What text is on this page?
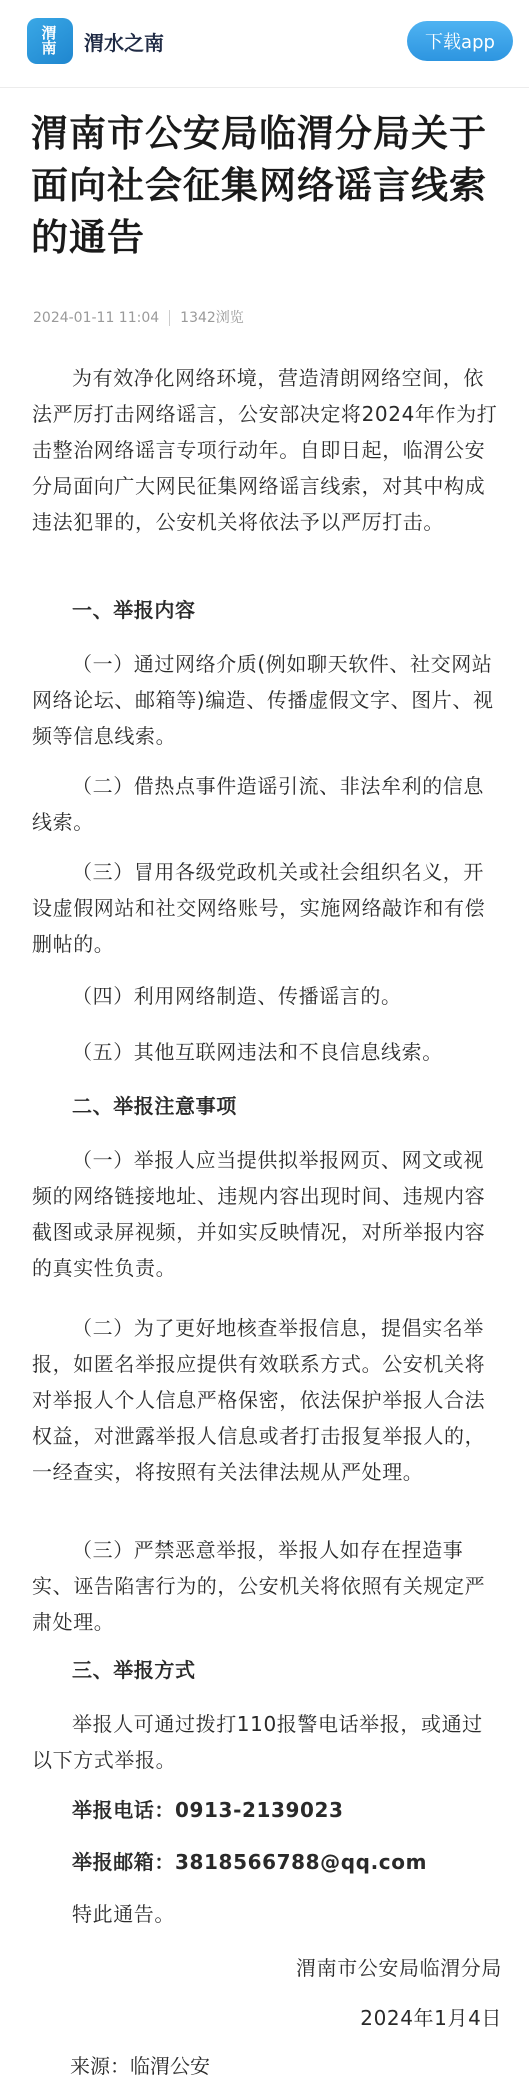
渭
南 渭水之南	下载app
渭南市公安局临渭分局关于面向社会征集网络谣言线索的通告
2024-01-11 11:04 1342浏览

为有效净化网络环境，营造清朗网络空间，依法严厉打击网络谣言，公安部决定将2024年作为打击整治网络谣言专项行动年。自即日起，临渭公安分局面向广大网民征集网络谣言线索，对其中构成违法犯罪的，公安机关将依法予以严厉打击。

一、举报内容

（一）通过网络介质(例如聊天软件、社交网站网络论坛、邮箱等)编造、传播虚假文字、图片、视频等信息线索。

（二）借热点事件造谣引流、非法牟利的信息线索。

（三）冒用各级党政机关或社会组织名义，开设虚假网站和社交网络账号，实施网络敲诈和有偿删帖的。

（四）利用网络制造、传播谣言的。

（五）其他互联网违法和不良信息线索。

二、举报注意事项

（一）举报人应当提供拟举报网页、网文或视频的网络链接地址、违规内容出现时间、违规内容截图或录屏视频，并如实反映情况，对所举报内容的真实性负责。

（二）为了更好地核查举报信息，提倡实名举报，如匿名举报应提供有效联系方式。公安机关将对举报人个人信息严格保密，依法保护举报人合法权益，对泄露举报人信息或者打击报复举报人的，一经查实，将按照有关法律法规从严处理。

（三）严禁恶意举报，举报人如存在捏造事实、诬告陷害行为的，公安机关将依照有关规定严肃处理。

三、举报方式

举报人可通过拨打110报警电话举报，或通过以下方式举报。

举报电话：0913-2139023

举报邮箱：3818566788@qq.com

特此通告。

渭南市公安局临渭分局
2024年1月4日
来源：临渭公安
